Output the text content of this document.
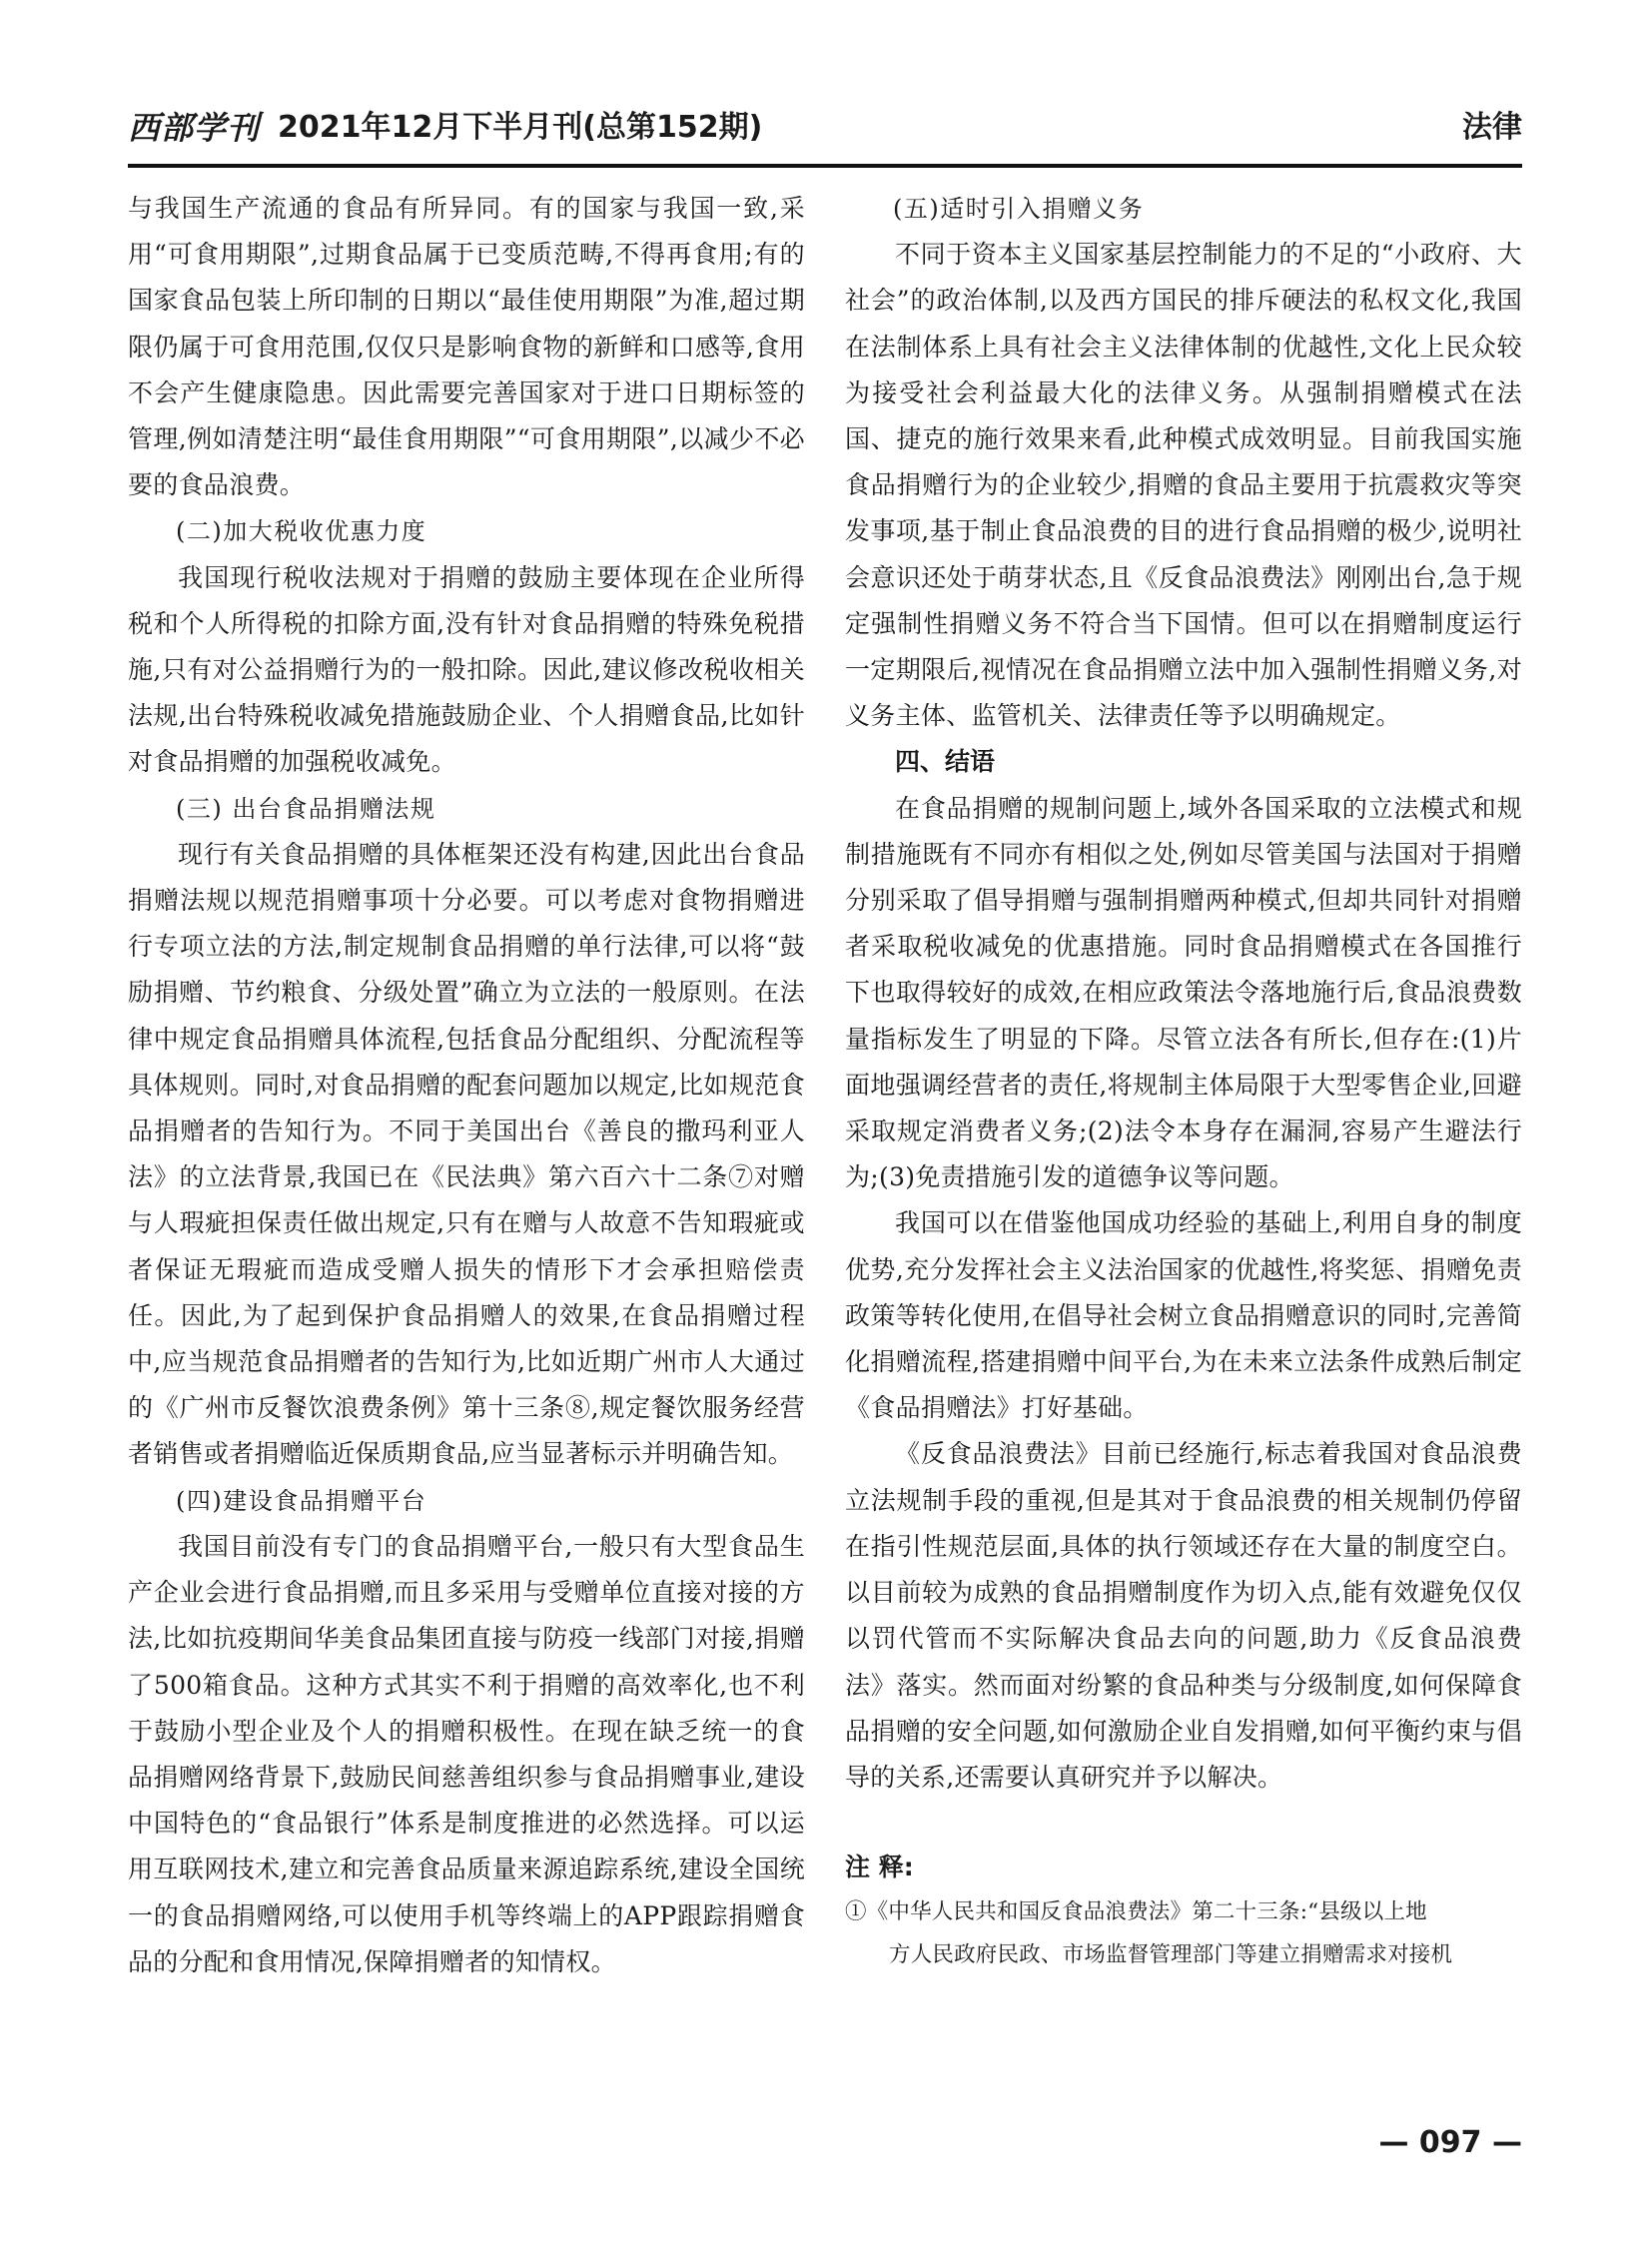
西部学刊 2021年12月下半月刊(总第152期)	法律

与我国生产流通的食品有所异同。有的国家与我国一致,采用“可食用期限”,过期食品属于已变质范畴,不得再食用;有的国家食品包装上所印制的日期以“最佳使用期限”为准,超过期限仍属于可食用范围,仅仅只是影响食物的新鲜和口感等,食用不会产生健康隐患。因此需要完善国家对于进口日期标签的管理,例如清楚注明“最佳食用期限”“可食用期限”,以减少不必要的食品浪费。

(二)加大税收优惠力度

我国现行税收法规对于捐赠的鼓励主要体现在企业所得税和个人所得税的扣除方面,没有针对食品捐赠的特殊免税措施,只有对公益捐赠行为的一般扣除。因此,建议修改税收相关法规,出台特殊税收减免措施鼓励企业、个人捐赠食品,比如针对食品捐赠的加强税收减免。

(三) 出台食品捐赠法规

现行有关食品捐赠的具体框架还没有构建,因此出台食品捐赠法规以规范捐赠事项十分必要。可以考虑对食物捐赠进行专项立法的方法,制定规制食品捐赠的单行法律,可以将“鼓励捐赠、节约粮食、分级处置”确立为立法的一般原则。在法律中规定食品捐赠具体流程,包括食品分配组织、分配流程等具体规则。同时,对食品捐赠的配套问题加以规定,比如规范食品捐赠者的告知行为。不同于美国出台《善良的撒玛利亚人法》的立法背景,我国已在《民法典》第六百六十二条⑦对赠与人瑕疵担保责任做出规定,只有在赠与人故意不告知瑕疵或者保证无瑕疵而造成受赠人损失的情形下才会承担赔偿责任。因此,为了起到保护食品捐赠人的效果,在食品捐赠过程中,应当规范食品捐赠者的告知行为,比如近期广州市人大通过的《广州市反餐饮浪费条例》第十三条⑧,规定餐饮服务经营者销售或者捐赠临近保质期食品,应当显著标示并明确告知。

(四)建设食品捐赠平台

我国目前没有专门的食品捐赠平台,一般只有大型食品生产企业会进行食品捐赠,而且多采用与受赠单位直接对接的方法,比如抗疫期间华美食品集团直接与防疫一线部门对接,捐赠了500箱食品。这种方式其实不利于捐赠的高效率化,也不利于鼓励小型企业及个人的捐赠积极性。在现在缺乏统一的食品捐赠网络背景下,鼓励民间慈善组织参与食品捐赠事业,建设中国特色的“食品银行”体系是制度推进的必然选择。可以运用互联网技术,建立和完善食品质量来源追踪系统,建设全国统一的食品捐赠网络,可以使用手机等终端上的APP跟踪捐赠食品的分配和食用情况,保障捐赠者的知情权。

(五)适时引入捐赠义务

不同于资本主义国家基层控制能力的不足的“小政府、大社会”的政治体制,以及西方国民的排斥硬法的私权文化,我国在法制体系上具有社会主义法律体制的优越性,文化上民众较为接受社会利益最大化的法律义务。从强制捐赠模式在法国、捷克的施行效果来看,此种模式成效明显。目前我国实施食品捐赠行为的企业较少,捐赠的食品主要用于抗震救灾等突发事项,基于制止食品浪费的目的进行食品捐赠的极少,说明社会意识还处于萌芽状态,且《反食品浪费法》刚刚出台,急于规定强制性捐赠义务不符合当下国情。但可以在捐赠制度运行一定期限后,视情况在食品捐赠立法中加入强制性捐赠义务,对义务主体、监管机关、法律责任等予以明确规定。

四、结语

在食品捐赠的规制问题上,域外各国采取的立法模式和规制措施既有不同亦有相似之处,例如尽管美国与法国对于捐赠分别采取了倡导捐赠与强制捐赠两种模式,但却共同针对捐赠者采取税收减免的优惠措施。同时食品捐赠模式在各国推行下也取得较好的成效,在相应政策法令落地施行后,食品浪费数量指标发生了明显的下降。尽管立法各有所长,但存在:(1)片面地强调经营者的责任,将规制主体局限于大型零售企业,回避采取规定消费者义务;(2)法令本身存在漏洞,容易产生避法行为;(3)免责措施引发的道德争议等问题。

我国可以在借鉴他国成功经验的基础上,利用自身的制度优势,充分发挥社会主义法治国家的优越性,将奖惩、捐赠免责政策等转化使用,在倡导社会树立食品捐赠意识的同时,完善简化捐赠流程,搭建捐赠中间平台,为在未来立法条件成熟后制定《食品捐赠法》打好基础。

《反食品浪费法》目前已经施行,标志着我国对食品浪费立法规制手段的重视,但是其对于食品浪费的相关规制仍停留在指引性规范层面,具体的执行领域还存在大量的制度空白。以目前较为成熟的食品捐赠制度作为切入点,能有效避免仅仅以罚代管而不实际解决食品去向的问题,助力《反食品浪费法》落实。然而面对纷繁的食品种类与分级制度,如何保障食品捐赠的安全问题,如何激励企业自发捐赠,如何平衡约束与倡导的关系,还需要认真研究并予以解决。

注 释:

①《中华人民共和国反食品浪费法》第二十三条:“县级以上地
方人民政府民政、市场监督管理部门等建立捐赠需求对接机

— 097 —
